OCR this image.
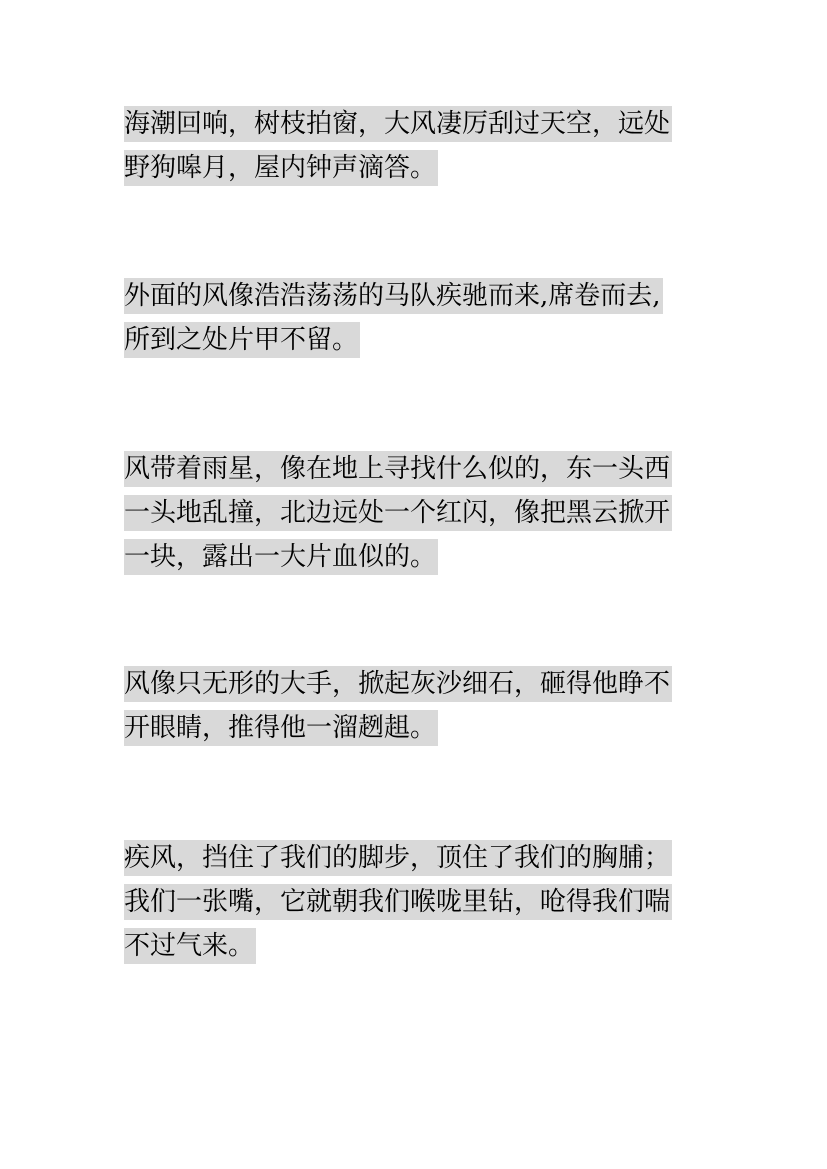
海潮回响，树枝拍窗，大风凄厉刮过天空，远处
野狗嗥月，屋内钟声滴答。
外面的风像浩浩荡荡的马队疾驰而来,席卷而去,
所到之处片甲不留。
风带着雨星，像在地上寻找什么似的，东一头西
一头地乱撞，北边远处一个红闪，像把黑云掀开
一块，露出一大片血似的。
风像只无形的大手，掀起灰沙细石，砸得他睁不
开眼睛，推得他一溜趔趄。
疾风，挡住了我们的脚步，顶住了我们的胸脯；
我们一张嘴，它就朝我们喉咙里钻，呛得我们喘
不过气来。
